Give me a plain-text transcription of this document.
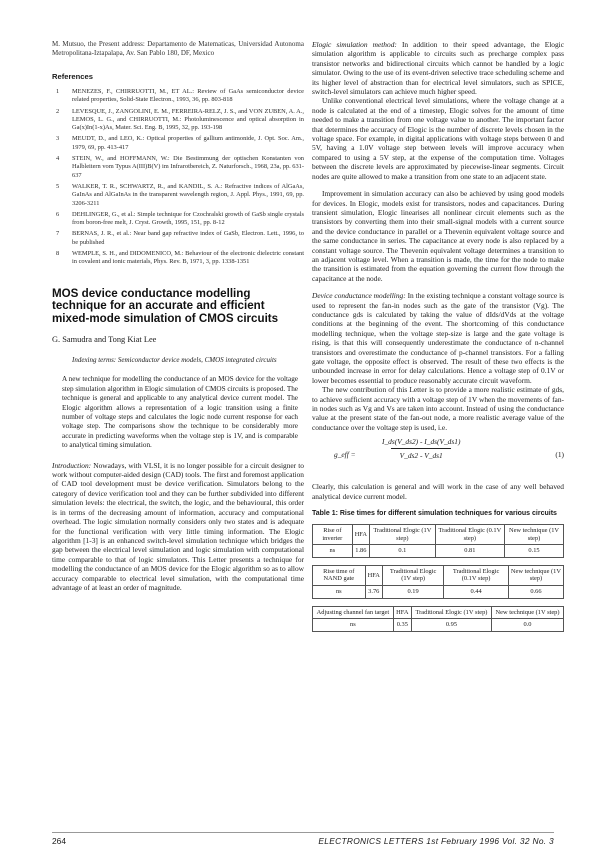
M. Mutsuo, the Present address: Departamento de Matematicas, Universidad Autonoma Metropolitana-Iztapalapa, Av. San Pablo 180, DF, Mexico

References
1 MENEZES, F., CHIRRUOTTI, M., ET AL.: Review of GaAs semiconductor device related properties, Solid-State Electron., 1993, 36, pp. 803-818
2 LEVESQUE, J., ZANGOLINI, E. M., FERREIRA-RELZ, J. S., and VON ZUBEN, A. A., LEMOS, L. G., and CHIRRUOTTI, M.: Photoluminescence and optical absorption in Ga(x)In(1-x)As, Mater. Sci. Eng. B, 1995, 32, pp. 193-198
3 MEUDT, D., and LEO, K.: Optical properties of gallium antimonide, J. Opt. Soc. Am., 1979, 69, pp. 413-417
4 STEIN, W., and HOFFMANN, W.: Die Bestimmung der optischen Konstanten von Halbleitern vom Typus A(III)B(V) im Infrarotbereich, Z. Naturforsch., 1968, 23a, pp. 631-637
5 WALKER, T. R., SCHWARTZ, R., and KANDIL, S. A.: Refractive indices of AlGaAs, GaInAs and AlGaInAs in the transparent wavelength region, J. Appl. Phys., 1991, 69, pp. 3206-3211
6 DEHLINGER, G., et al.: Simple technique for Czochralski growth of GaSb single crystals from boron-free melt, J. Cryst. Growth, 1995, 151, pp. 8-12
7 BERNAS, J. R., et al.: Near band gap refractive index of GaSb, Electron. Lett., 1996, to be published
8 WEMPLE, S. H., and DIDOMENICO, M.: Behaviour of the electronic dielectric constant in covalent and ionic materials, Phys. Rev. B, 1971, 3, pp. 1338-1351
MOS device conductance modelling technique for an accurate and efficient mixed-mode simulation of CMOS circuits
G. Samudra and Tong Kiat Lee

Indexing terms: Semiconductor device models, CMOS integrated circuits

A new technique for modelling the conductance of an MOS device for the voltage step simulation algorithm in Elogic simulation of CMOS circuits is proposed. The technique is general and applicable to any analytical device current model. The Elogic algorithm allows a representation of a logic transition using a finite number of voltage steps and calculates the logic node current response for each voltage step. The comparisons show the technique to be considerably more accurate in predicting waveforms when the voltage step is 1V, and is comparable to analytical timing simulation.

Introduction: Nowadays, with VLSI, it is no longer possible for a circuit designer to work without computer-aided design (CAD) tools. The first and foremost application of CAD tool development must be device verification. Simulators belong to the category of device verification tool and they can be further subdivided into different simulation levels: the electrical, the switch, the logic, and the behavioural, this order is in terms of the decreasing amount of information, accuracy and computational overhead. The logic simulation normally considers only two states and is adequate for the functional verification with very little timing information. The Elogic algorithm [1-3] is an enhanced switch-level simulation technique which bridges the gap between the electrical level simulation and logic simulation with computational time comparable to that of logic simulators. This Letter presents a technique for modelling the conductance of an MOS device for the Elogic algorithm so as to allow accuracy comparable to electrical level simulation, with the computational time advantage of at least an order of magnitude.

Elogic simulation method: In addition to their speed advantage, the Elogic simulation algorithm is applicable to circuits such as precharge complex pass transistor networks and bidirectional circuits which cannot be handled by a logic simulator. Owing to the use of its event-driven selective trace scheduling scheme and its higher level of abstraction than for electrical level simulators, such as SPICE, switch-level simulators can achieve much higher speed.

Unlike conventional electrical level simulations, where the voltage change at a node is calculated at the end of a timestep, Elogic solves for the amount of time needed to make a transition from one voltage value to another. The important factor that determines the accuracy of Elogic is the number of discrete levels chosen in the voltage space. For example, in digital applications with voltage steps between 0 and 5V, having a 1.0V voltage step between levels will improve accuracy when compared to using a 5V step, at the expense of the computation time. Voltages between the discrete levels are approximated by piecewise-linear segments. Circuit nodes are quite allowed to make a transition from one state to an adjacent state.

Improvement in simulation accuracy can also be achieved by using good models for devices. In Elogic, models exist for transistors, nodes and capacitances. During transient simulation, Elogic linearises all nonlinear circuit elements such as the transistors by converting them into their small-signal models with a current source and the device conductance in parallel or a Thevenin equivalent voltage source and the same conductance in series. The capacitance at every node is also replaced by a constant voltage source. The Thevenin equivalent voltage determines a transition to an adjacent voltage level. When a transition is made, the time for the node to make the transition is estimated from the equation governing the current flow through the capacitance at the node.

Device conductance modelling: In the existing technique a constant voltage source is used to represent the fan-in nodes such as the gate of the transistor (Vg). The conductance gds is calculated by taking the value of dIds/dVds at the voltage conditions at the beginning of the event. The shortcoming of this conductance modelling technique, when the voltage step-size is large and the gate voltage is rising, is that this will consequently underestimate the conductance of n-channel transistors and overestimate the conductance of p-channel transistors. For a falling gate voltage, the opposite effect is observed. The result of these two effects is the unbounded increase in error for delay calculations. Hence a voltage step of 0.1V or lower becomes essential to produce reasonably accurate circuit waveform.

The new contribution of this Letter is to provide a more realistic estimate of gds, to achieve sufficient accuracy with a voltage step of 1V when the movements of fan-in nodes such as Vg and Vs are taken into account. Instead of using the conductance value at the present state of the fan-out node, a more realistic average value of the conductance over the voltage step is used, i.e.

g_eff =
I_ds(V_ds2) - I_ds(V_ds1)
V_ds2 - V_ds1	(1)

Clearly, this calculation is general and will work in the case of any well behaved analytical device current model.

Table 1: Rise times for different simulation techniques for various circuits
Rise of inverter	HFA	Traditional Elogic (1V step)	Traditional Elogic (0.1V step)	New technique (1V step)
ns	1.86	0.1	0.81	0.15
Rise time of NAND gate	HFA	Traditional Elogic (1V step)	Traditional Elogic (0.1V step)	New technique (1V step)
ns	3.76	0.19	0.44	0.66
Adjusting channel fan target	HFA	Traditional Elogic (1V step)	New technique (1V step)
ns	0.35	0.95	0.0
264	ELECTRONICS LETTERS 1st February 1996 Vol. 32 No. 3
